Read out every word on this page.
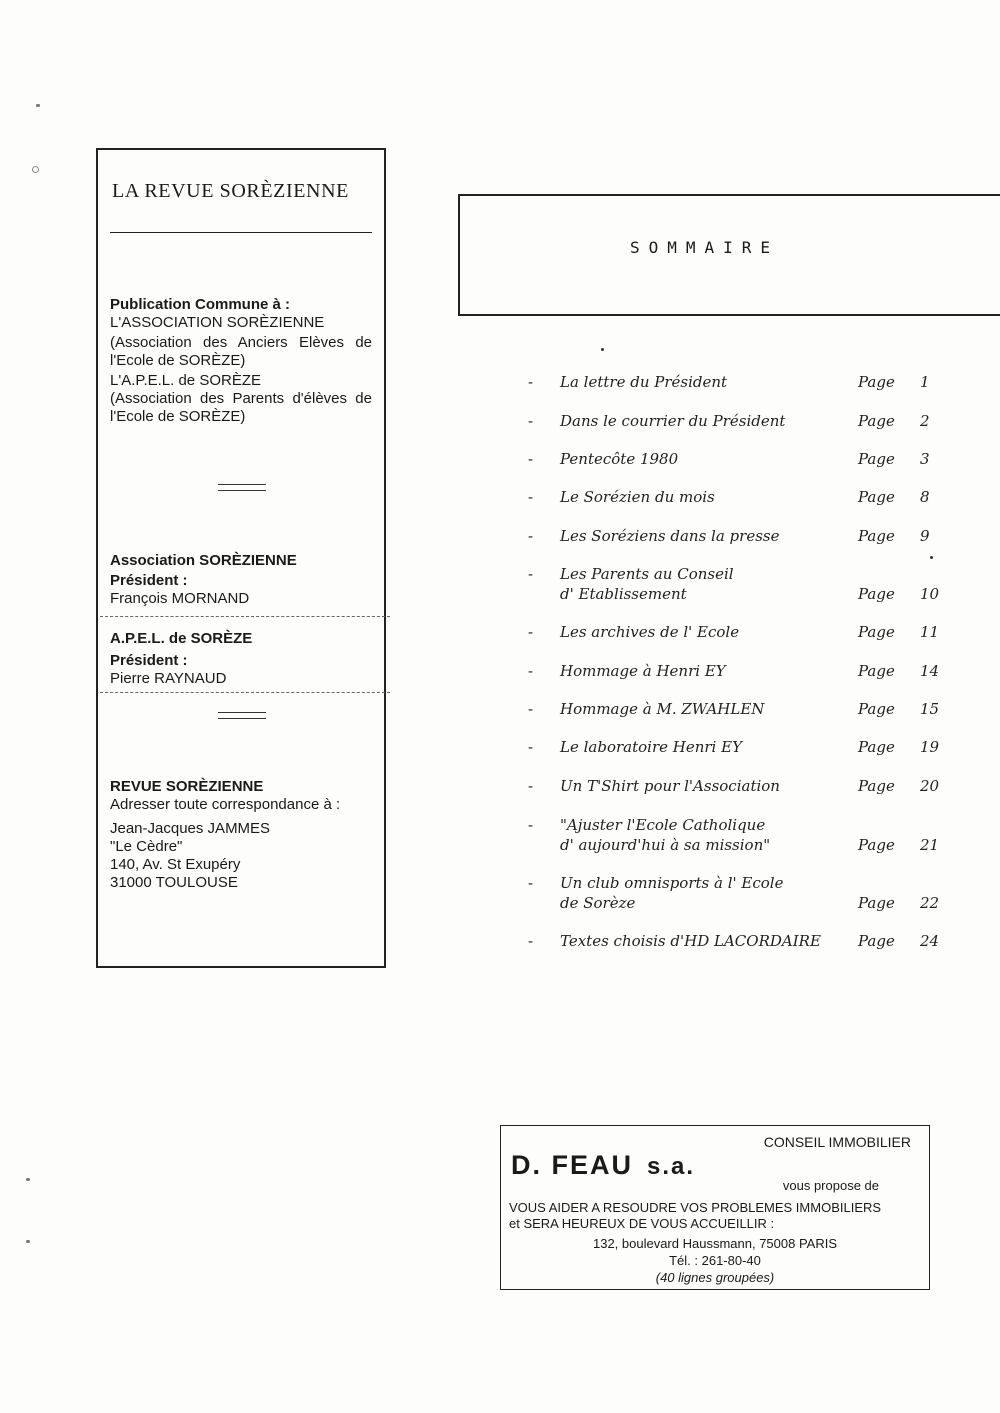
LA REVUE SORÈZIENNE
Publication Commune à :
L'ASSOCIATION SORÈZIENNE
(Association des Anciers Elèves de l'Ecole de SORÈZE)
L'A.P.E.L. de SORÈZE
(Association des Parents d'élèves de l'Ecole de SORÈZE)
Association SORÈZIENNE
Président :
François MORNAND
A.P.E.L. de SORÈZE
Président :
Pierre RAYNAUD
REVUE SORÈZIENNE
Adresser toute correspondance à :
Jean-Jacques JAMMES
"Le Cèdre"
140, Av. St Exupéry
31000 TOULOUSE
SOMMAIRE
- La lettre du Président	Page 1
- Dans le courrier du Président	Page 2
- Pentecôte 1980	Page 3
- Le Sorézien du mois	Page 8
- Les Soréziens dans la presse	Page 9
- Les Parents au Conseil
d' Etablissement	Page 10
- Les archives de l' Ecole	Page 11
- Hommage à Henri EY	Page 14
- Hommage à M. ZWAHLEN	Page 15
- Le laboratoire Henri EY	Page 19
- Un T'Shirt pour l'Association	Page 20
- "Ajuster l'Ecole Catholique
d' aujourd'hui à sa mission"	Page 21
- Un club omnisports à l' Ecole
de Sorèze	Page 22
- Textes choisis d'HD LACORDAIRE Page 24
CONSEIL IMMOBILIER
D. FEAU s.a.
vous propose de
VOUS AIDER A RESOUDRE VOS PROBLEMES IMMOBILIERS
et SERA HEUREUX DE VOUS ACCUEILLIR :
132, boulevard Haussmann, 75008 PARIS
Tél. : 261-80-40
(40 lignes groupées)
